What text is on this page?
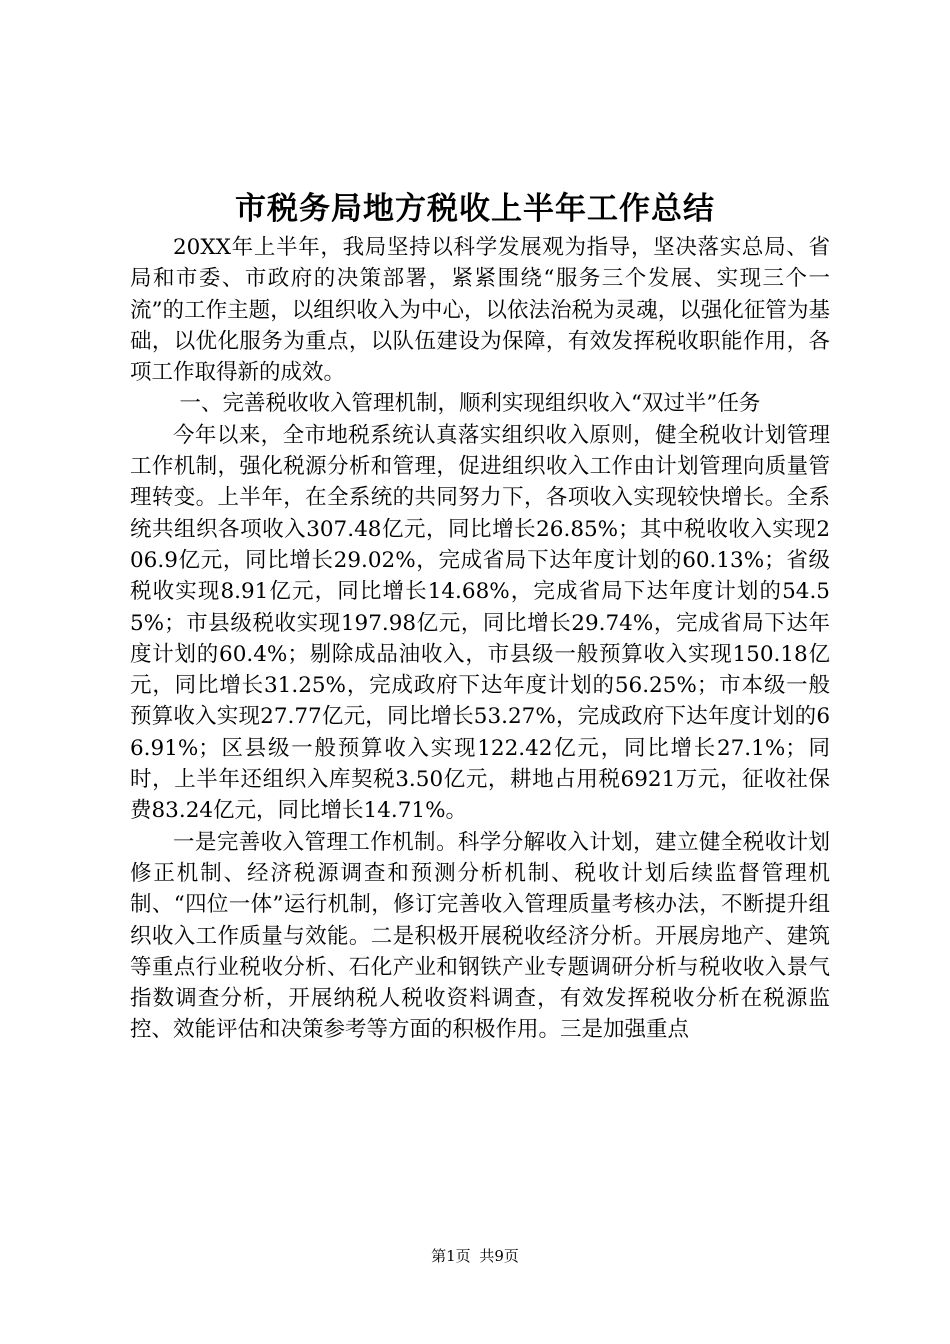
市税务局地方税收上半年工作总结

20XX年上半年，我局坚持以科学发展观为指导，坚决落实总局、省局和市委、市政府的决策部署，紧紧围绕“服务三个发展、实现三个一流”的工作主题，以组织收入为中心，以依法治税为灵魂，以强化征管为基础，以优化服务为重点，以队伍建设为保障，有效发挥税收职能作用，各项工作取得新的成效。

一、完善税收收入管理机制，顺利实现组织收入“双过半”任务

今年以来，全市地税系统认真落实组织收入原则，健全税收计划管理工作机制，强化税源分析和管理，促进组织收入工作由计划管理向质量管理转变。上半年，在全系统的共同努力下，各项收入实现较快增长。全系统共组织各项收入307.48亿元，同比增长26.85%；其中税收收入实现206.9亿元，同比增长29.02%，完成省局下达年度计划的60.13%；省级税收实现8.91亿元，同比增长14.68%，完成省局下达年度计划的54.55%；市县级税收实现197.98亿元，同比增长29.74%，完成省局下达年度计划的60.4%；剔除成品油收入，市县级一般预算收入实现150.18亿元，同比增长31.25%，完成政府下达年度计划的56.25%；市本级一般预算收入实现27.77亿元，同比增长53.27%，完成政府下达年度计划的66.91%；区县级一般预算收入实现122.42亿元，同比增长27.1%；同时，上半年还组织入库契税3.50亿元，耕地占用税6921万元，征收社保费83.24亿元，同比增长14.71%。

一是完善收入管理工作机制。科学分解收入计划，建立健全税收计划修正机制、经济税源调查和预测分析机制、税收计划后续监督管理机制、“四位一体”运行机制，修订完善收入管理质量考核办法，不断提升组织收入工作质量与效能。二是积极开展税收经济分析。开展房地产、建筑等重点行业税收分析、石化产业和钢铁产业专题调研分析与税收收入景气指数调查分析，开展纳税人税收资料调查，有效发挥税收分析在税源监控、效能评估和决策参考等方面的积极作用。三是加强重点

第1页 共9页
